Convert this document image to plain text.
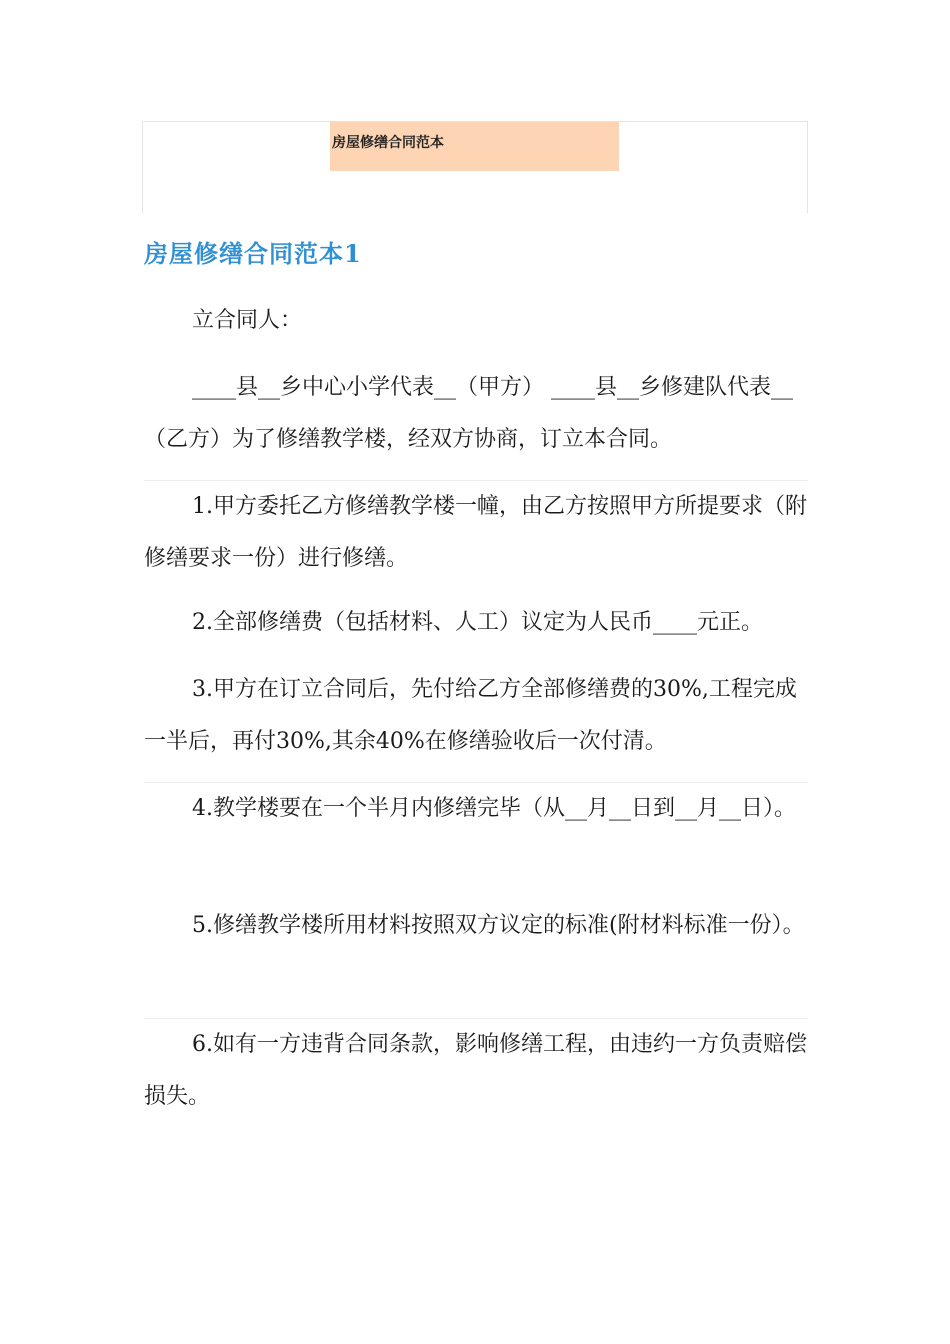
房屋修缮合同范本
房屋修缮合同范本1

立合同人：

____县__乡中心小学代表__（甲方） ____县__乡修建队代表__（乙方）为了修缮教学楼，经双方协商，订立本合同。

1.甲方委托乙方修缮教学楼一幢，由乙方按照甲方所提要求（附修缮要求一份）进行修缮。

2.全部修缮费（包括材料、人工）议定为人民币____元正。

3.甲方在订立合同后，先付给乙方全部修缮费的30%,工程完成一半后，再付30%,其余40%在修缮验收后一次付清。

4.教学楼要在一个半月内修缮完毕（从__月__日到__月__日）。

5.修缮教学楼所用材料按照双方议定的标准(附材料标准一份）。

6.如有一方违背合同条款，影响修缮工程，由违约一方负责赔偿损失。
